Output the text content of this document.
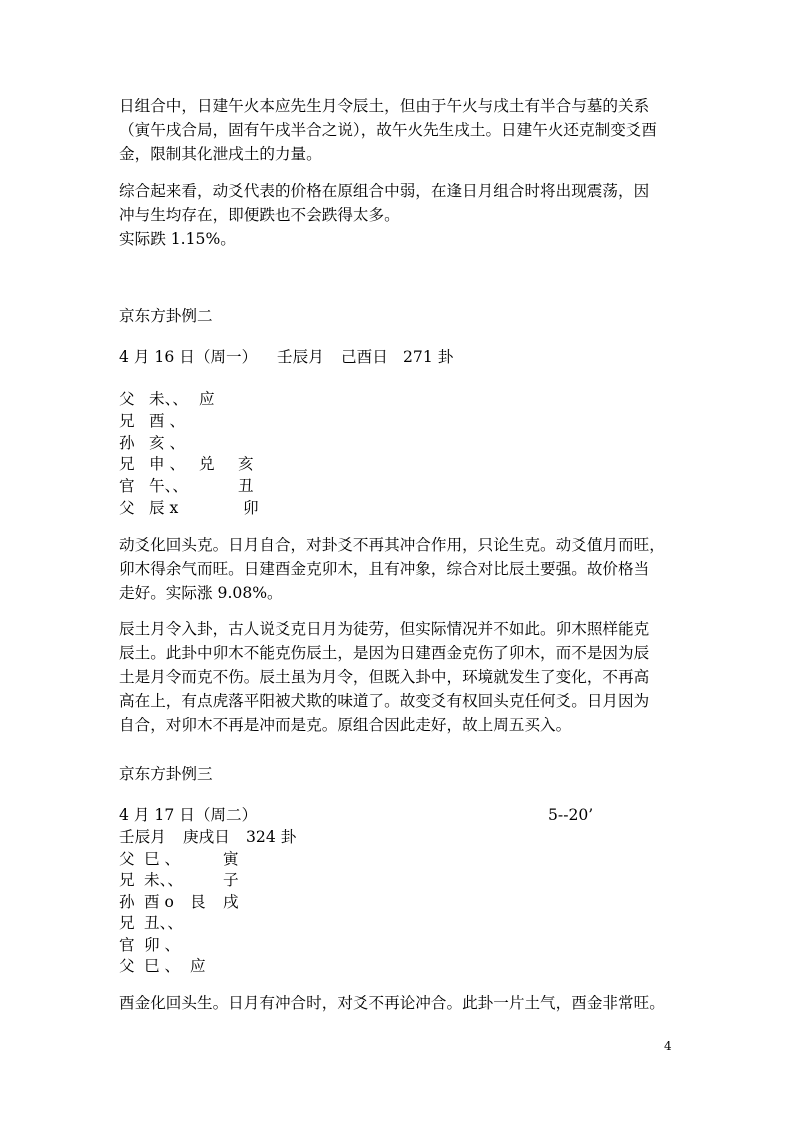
日组合中，日建午火本应先生月令辰土，但由于午火与戌土有半合与墓的关系
（寅午戌合局，固有午戌半合之说），故午火先生戌土。日建午火还克制变爻酉
金，限制其化泄戌土的力量。
综合起来看，动爻代表的价格在原组合中弱，在逢日月组合时将出现震荡，因
冲与生均存在，即便跌也不会跌得太多。
实际跌 1.15%。
京东方卦例二
4 月 16 日（周一） 壬辰月 己酉日 271 卦
父 未、、 应
兄 酉 、
孙 亥 、
兄 申 、 兑 亥
官 午、、	丑
父 辰 x	卯
动爻化回头克。日月自合，对卦爻不再其冲合作用，只论生克。动爻值月而旺，
卯木得余气而旺。日建酉金克卯木，且有冲象，综合对比辰土要强。故价格当
走好。实际涨 9.08%。
辰土月令入卦，古人说爻克日月为徒劳，但实际情况并不如此。卯木照样能克
辰土。此卦中卯木不能克伤辰土，是因为日建酉金克伤了卯木，而不是因为辰
土是月令而克不伤。辰土虽为月令，但既入卦中，环境就发生了变化，不再高
高在上，有点虎落平阳被犬欺的味道了。故变爻有权回头克任何爻。日月因为
自合，对卯木不再是冲而是克。原组合因此走好，故上周五买入。
京东方卦例三
4 月 17 日（周二）	5--20’
壬辰月 庚戌日 324 卦
父 巳 、	寅
兄 未、、	子
孙 酉 o 艮 戌
兄 丑、、
官 卯 、
父 巳 、 应
酉金化回头生。日月有冲合时，对爻不再论冲合。此卦一片土气，酉金非常旺。
4
